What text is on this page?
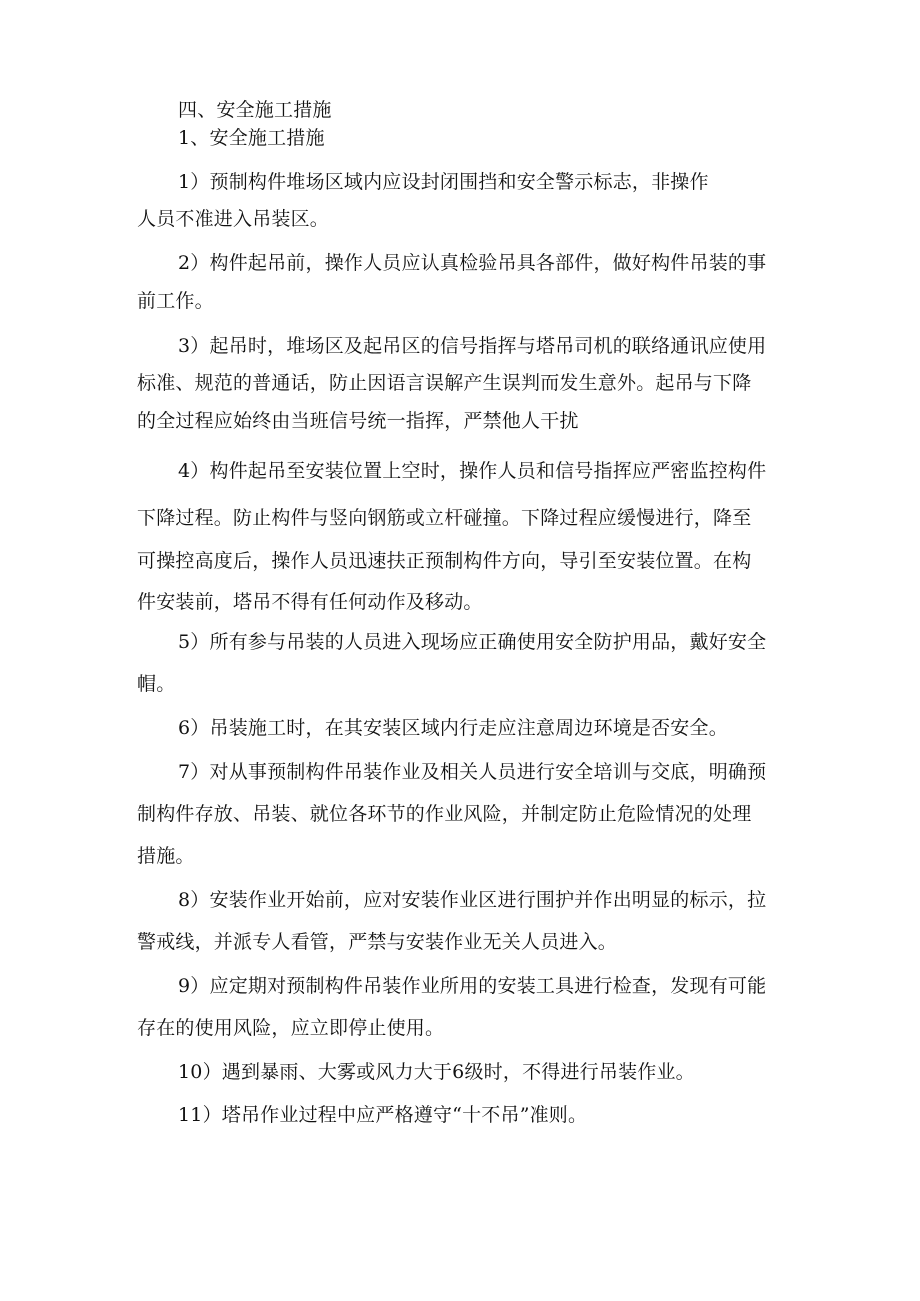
四、安全施工措施
1、安全施工措施
1）预制构件堆场区域内应设封闭围挡和安全警示标志，非操作
人员不准进入吊装区。
2）构件起吊前，操作人员应认真检验吊具各部件，做好构件吊装的事
前工作。
3）起吊时，堆场区及起吊区的信号指挥与塔吊司机的联络通讯应使用
标准、规范的普通话，防止因语言误解产生误判而发生意外。起吊与下降
的全过程应始终由当班信号统一指挥，严禁他人干扰
4）构件起吊至安装位置上空时，操作人员和信号指挥应严密监控构件
下降过程。防止构件与竖向钢筋或立杆碰撞。下降过程应缓慢进行，降至
可操控高度后，操作人员迅速扶正预制构件方向，导引至安装位置。在构
件安装前，塔吊不得有任何动作及移动。
5）所有参与吊装的人员进入现场应正确使用安全防护用品，戴好安全
帽。
6）吊装施工时，在其安装区域内行走应注意周边环境是否安全。
7）对从事预制构件吊装作业及相关人员进行安全培训与交底，明确预
制构件存放、吊装、就位各环节的作业风险，并制定防止危险情况的处理
措施。
8）安装作业开始前，应对安装作业区进行围护并作出明显的标示，拉
警戒线，并派专人看管，严禁与安装作业无关人员进入。
9）应定期对预制构件吊装作业所用的安装工具进行检查，发现有可能
存在的使用风险，应立即停止使用。
10）遇到暴雨、大雾或风力大于6级时，不得进行吊装作业。
11）塔吊作业过程中应严格遵守“十不吊”准则。
